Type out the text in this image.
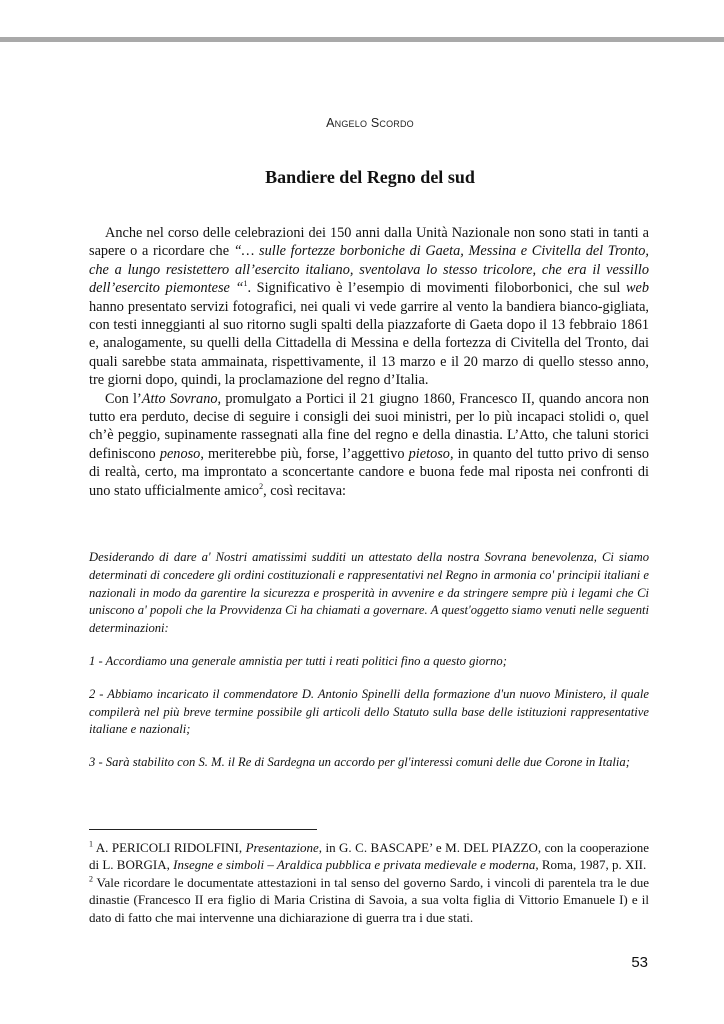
Angelo Scordo
Bandiere del Regno del sud

Anche nel corso delle celebrazioni dei 150 anni dalla Unità Nazionale non sono stati in tanti a sapere o a ricordare che “… sulle fortezze borboniche di Gaeta, Messina e Civitella del Tronto, che a lungo resistettero all’esercito italiano, sventolava lo stesso tricolore, che era il vessillo dell’esercito piemontese “$^1$. Significativo è l’esempio di movimenti filoborbonici, che sul web hanno presentato servizi fotografici, nei quali vi vede garrire al vento la bandiera bianco-gigliata, con testi inneggianti al suo ritorno sugli spalti della piazzaforte di Gaeta dopo il 13 febbraio 1861 e, analogamente, su quelli della Cittadella di Messina e della fortezza di Civitella del Tronto, dai quali sarebbe stata ammainata, rispettivamente, il 13 marzo e il 20 marzo di quello stesso anno, tre giorni dopo, quindi, la proclamazione del regno d’Italia.

Con l’Atto Sovrano, promulgato a Portici il 21 giugno 1860, Francesco II, quando ancora non tutto era perduto, decise di seguire i consigli dei suoi ministri, per lo più incapaci stolidi o, quel ch’è peggio, supinamente rassegnati alla fine del regno e della dinastia. L’Atto, che taluni storici definiscono penoso, meriterebbe più, forse, l’aggettivo pietoso, in quanto del tutto privo di senso di realtà, certo, ma improntato a sconcertante candore e buona fede mal riposta nei confronti di uno stato ufficialmente amico$^2$, così recitava:

Desiderando di dare a' Nostri amatissimi sudditi un attestato della nostra Sovrana benevolenza, Ci siamo determinati di concedere gli ordini costituzionali e rappresentativi nel Regno in armonia co' principii italiani e nazionali in modo da garentire la sicurezza e prosperità in avvenire e da stringere sempre più i legami che Ci uniscono a' popoli che la Provvidenza Ci ha chiamati a governare. A quest'oggetto siamo venuti nelle seguenti determinazioni:

1 - Accordiamo una generale amnistia per tutti i reati politici fino a questo giorno;

2 - Abbiamo incaricato il commendatore D. Antonio Spinelli della formazione d'un nuovo Ministero, il quale compilerà nel più breve termine possibile gli articoli dello Statuto sulla base delle istituzioni rappresentative italiane e nazionali;

3 - Sarà stabilito con S. M. il Re di Sardegna un accordo per gl'interessi comuni delle due Corone in Italia;

$^1$ A. PERICOLI RIDOLFINI, Presentazione, in G. C. BASCAPE’ e M. DEL PIAZZO, con la cooperazione di L. BORGIA, Insegne e simboli – Araldica pubblica e privata medievale e moderna, Roma, 1987, p. XII.

$^2$ Vale ricordare le documentate attestazioni in tal senso del governo Sardo, i vincoli di parentela tra le due dinastie (Francesco II era figlio di Maria Cristina di Savoia, a sua volta figlia di Vittorio Emanuele I) e il dato di fatto che mai intervenne una dichiarazione di guerra tra i due stati.

53
